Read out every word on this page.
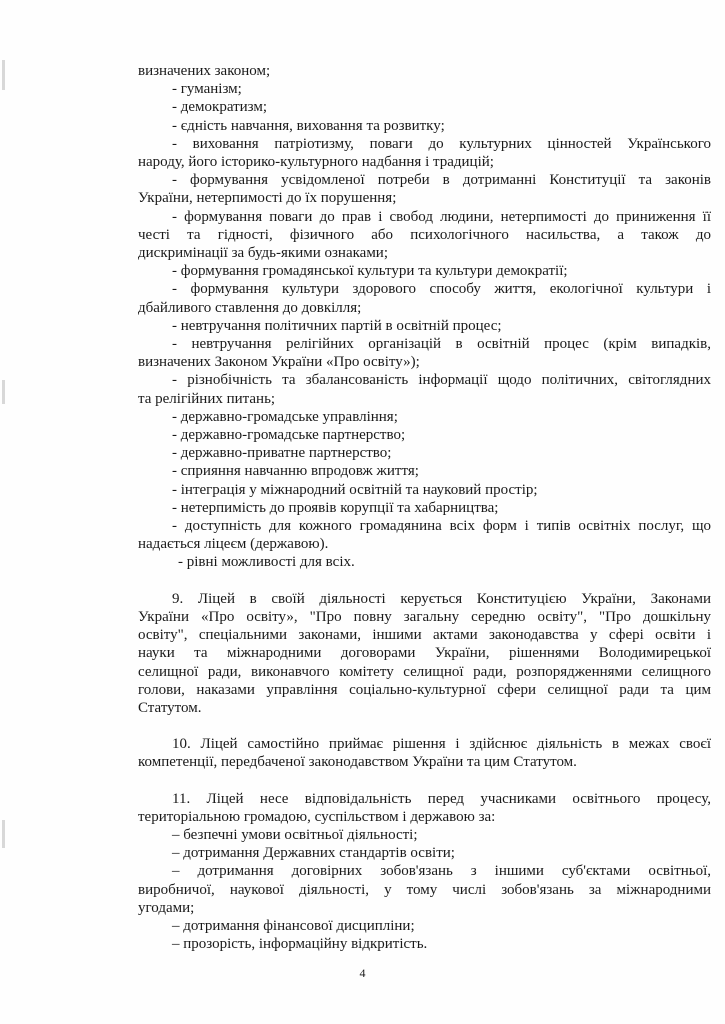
визначених законом;
- гуманізм;
- демократизм;
- єдність навчання, виховання та розвитку;
- виховання патріотизму, поваги до культурних цінностей Українського
народу, його історико-культурного надбання і традицій;
- формування усвідомленої потреби в дотриманні Конституції та законів
України, нетерпимості до їх порушення;
- формування поваги до прав і свобод людини, нетерпимості до приниження її
честі та гідності, фізичного або психологічного насильства, а також до
дискримінації за будь-якими ознаками;
- формування громадянської культури та культури демократії;
- формування культури здорового способу життя, екологічної культури і
дбайливого ставлення до довкілля;
- невтручання політичних партій в освітній процес;
- невтручання релігійних організацій в освітній процес (крім випадків,
визначених Законом України «Про освіту»);
- різнобічність та збалансованість інформації щодо політичних, світоглядних
та релігійних питань;
- державно-громадське управління;
- державно-громадське партнерство;
- державно-приватне партнерство;
- сприяння навчанню впродовж життя;
- інтеграція у міжнародний освітній та науковий простір;
- нетерпимість до проявів корупції та хабарництва;
- доступність для кожного громадянина всіх форм і типів освітніх послуг, що
надається ліцеєм (державою).
- рівні можливості для всіх.
9. Ліцей в своїй діяльності керується Конституцією України, Законами
України «Про освіту», "Про повну загальну середню освіту", "Про дошкільну
освіту", спеціальними законами, іншими актами законодавства у сфері освіти і
науки та міжнародними договорами України, рішеннями Володимирецької
селищної ради, виконавчого комітету селищної ради, розпорядженнями селищного
голови, наказами управління соціально-культурної сфери селищної ради та цим
Статутом.
10. Ліцей самостійно приймає рішення і здійснює діяльність в межах своєї
компетенції, передбаченої законодавством України та цим Статутом.
11. Ліцей несе відповідальність перед учасниками освітнього процесу,
територіальною громадою, суспільством і державою за:
– безпечні умови освітньої діяльності;
– дотримання Державних стандартів освіти;
– дотримання договірних зобов'язань з іншими суб'єктами освітньої,
виробничої, наукової діяльності, у тому числі зобов'язань за міжнародними
угодами;
– дотримання фінансової дисципліни;
– прозорість, інформаційну відкритість.
4
